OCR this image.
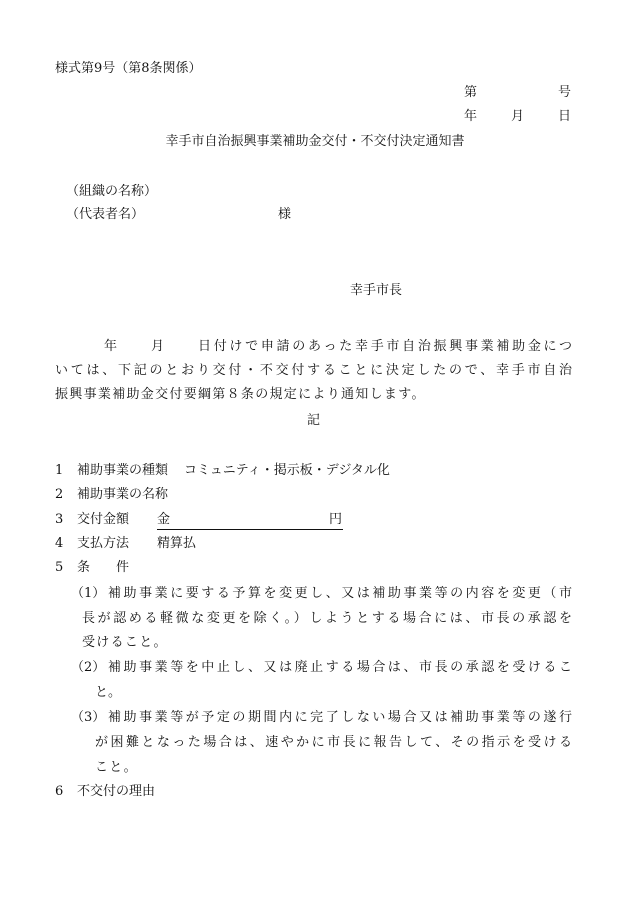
様式第9号（第8条関係）
第	号
年	月	日
幸手市自治振興事業補助金交付・不交付決定通知書
（組織の名称）
（代表者名）	様
幸手市長
年	月	日付けで申請のあった幸手市自治振興事業補助金につ
いては、下記のとおり交付・不交付することに決定したので、幸手市自治
振興事業補助金交付要綱第８条の規定により通知します。
記
1 補助事業の種類 コミュニティ・掲示板・デジタル化
2 補助事業の名称
3 交付金額 金	円
4 支払方法 精算払
5 条　　件
（1） 補助事業に要する予算を変更し、又は補助事業等の内容を変更（市
長が認める軽微な変更を除く。）しようとする場合には、市長の承認を
受けること。
（2） 補助事業等を中止し、又は廃止する場合は、市長の承認を受けるこ
と。
（3） 補助事業等が予定の期間内に完了しない場合又は補助事業等の遂行
が困難となった場合は、速やかに市長に報告して、その指示を受ける
こと。
6 不交付の理由
